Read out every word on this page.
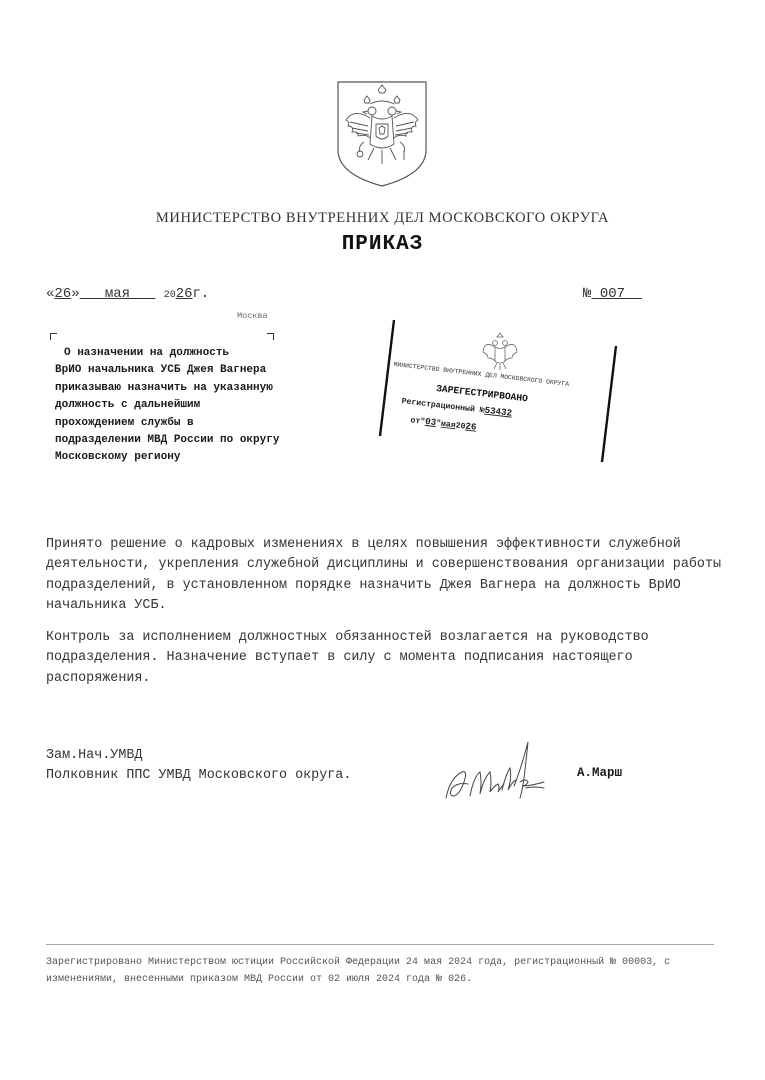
МИНИСТЕРСТВО ВНУТРЕННИХ ДЕЛ МОСКОВСКОГО ОКРУГА
ПРИКАЗ
«26» мая	2026г.	№ 007
Москва
О назначении на должность
ВрИО начальника УСБ Джея Вагнера приказываю назначить на указанную должность с дальнейшим прохождением службы в подразделении МВД России по округу Московскому региону
МИНИСТЕРСТВО ВНУТРЕННИХ ДЕЛ МОСКОВСКОГО ОКРУГА
ЗАРЕГЕСТРИРВОАНО
Регистрационный №53432
от"03"мая2026
Принято решение о кадровых изменениях в целях повышения эффективности служебной деятельности, укрепления служебной дисциплины и совершенствования организации работы подразделений, в установленном порядке назначить Джея Вагнера на должность ВрИО начальника УСБ.
Контроль за исполнением должностных обязанностей возлагается на руководство подразделения. Назначение вступает в силу с момента подписания настоящего распоряжения.
Зам.Нач.УМВД
Полковник ППС УМВД Московского округа.	А.Марш
Зарегистрировано Министерством юстиции Российской Федерации 24 мая 2024 года, регистрационный № 00003, с изменениями, внесенными приказом МВД России от 02 июля 2024 года № 026.
